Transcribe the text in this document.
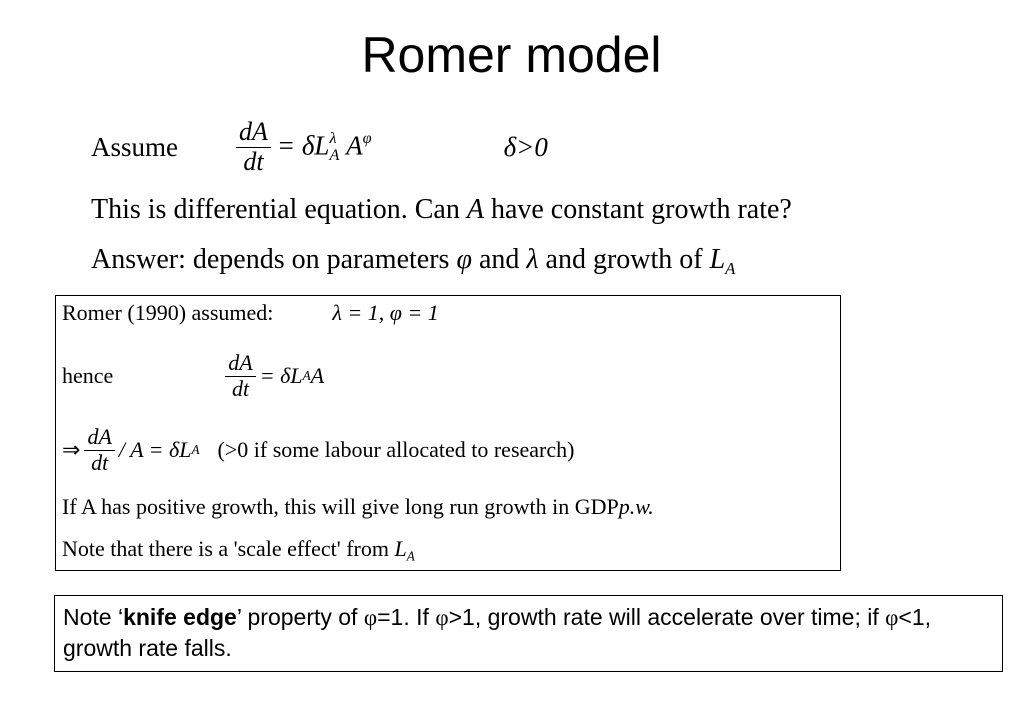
Romer model
Assume $\frac{dA}{dt} = \delta L^\lambda_A$ $A^\varphi$	δ>0
This is differential equation. Can A have constant growth rate?
Answer: depends on parameters φ and λ and growth of $L_A$
Romer (1990) assumed:	λ = 1, φ = 1
hence	$\frac{dA}{dt} = \delta L$ A A
⇒ $\frac{dA}{dt} / A = \delta L$ A (>0 if some labour allocated to research)
If A has positive growth, this will give long run growth in GDPp.w.
Note that there is a 'scale effect' from $L_A$
Note ‘knife edge’ property of φ=1. If φ>1, growth rate will accelerate over time; if φ<1, growth rate falls.
